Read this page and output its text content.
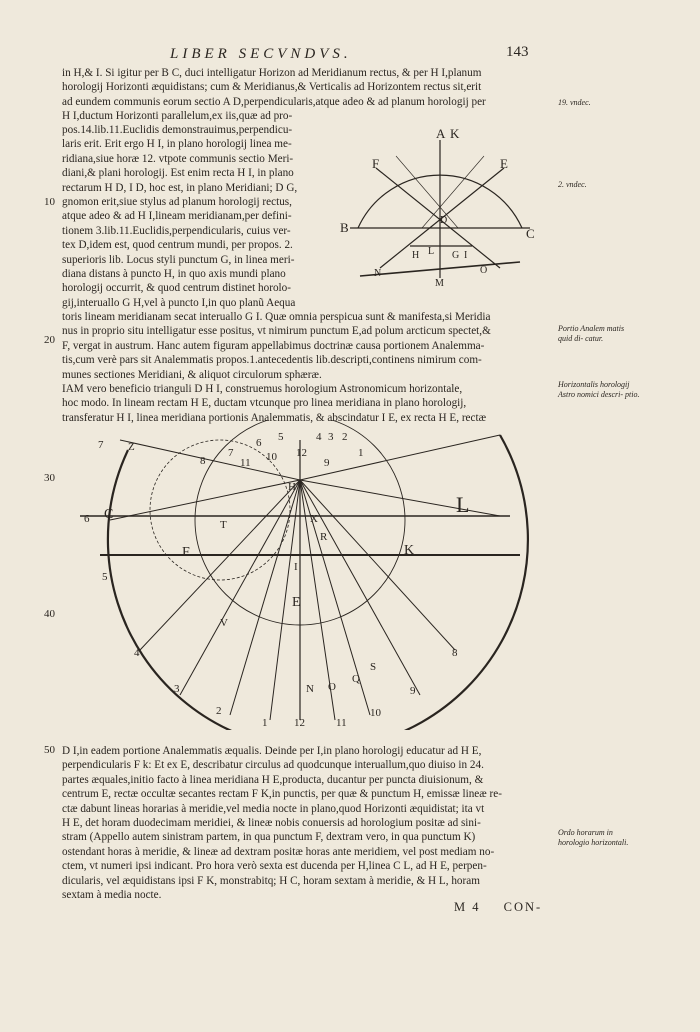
LIBER SECVNDVS.	143

in H,& I. Si igitur per B C, duci intelligatur Horizon ad Meridianum rectus, & per H I,planum

horologij Horizonti æquidistans; cum & Meridianus,& Verticalis ad Horizontem rectus sit,erit

ad eundem communis eorum sectio A D,perpendicularis,atque adeo & ad planum horologij per

H I,ductum Horizonti parallelum,ex iis,quæ ad pro-

pos.14.lib.11.Euclidis demonstrauimus,perpendicu-

laris erit. Erit ergo H I, in plano horologij linea me-

ridiana,siue horæ 12. vtpote communis sectio Meri-

diani,& plani horologij. Est enim recta H I, in plano

rectarum H D, I D, hoc est, in plano Meridiani; D G,

gnomon erit,siue stylus ad planum horologij rectus,

atque adeo & ad H I,lineam meridianam,per defini-

tionem 3.lib.11.Euclidis,perpendicularis, cuius ver-

tex D,idem est, quod centrum mundi, per propos. 2.

superioris lib. Locus styli punctum G, in linea meri-

diana distans à puncto H, in quo axis mundi plano

horologij occurrit, & quod centrum distinet horolo-

gij,interuallo G H,vel à puncto I,in quo planũ Aequa

toris lineam meridianam secat interuallo G I. Quæ omnia perspicua sunt & manifesta,si Meridia

nus in proprio situ intelligatur esse positus, vt nimirum punctum E,ad polum arcticum spectet,&

F, vergat in austrum. Hanc autem figuram appellabimus doctrinæ causa portionem Analemma-

tis,cum verè pars sit Analemmatis propos.1.antecedentis lib.descripti,continens nimirum com-

munes sectiones Meridiani, & aliquot circulorum sphæræ.

IAM vero beneficio trianguli D H I, construemus horologium Astronomicum horizontale,

hoc modo. In lineam rectam H E, ductam vtcunque pro linea meridiana in plano horologij,

transferatur H I, linea meridiana portionis Analemmatis, & abscindatur I E, ex recta H E, rectæ

D I,in eadem portione Analemmatis æqualis. Deinde per I,in plano horologij educatur ad H E,

perpendicularis F k: Et ex E, describatur circulus ad quodcunque interuallum,quo diuiso in 24.

partes æquales,initio facto à linea meridiana H E,producta, ducantur per puncta diuisionum, &

centrum E, rectæ occultæ secantes rectam F K,in punctis, per quæ & punctum H, emissæ lineæ re-

ctæ dabunt lineas horarias à meridie,vel media nocte in plano,quod Horizonti æquidistat; ita vt

H E, det horam duodecimam meridiei, & lineæ nobis conuersis ad horologium positæ ad sini-

stram (Appello autem sinistram partem, in qua punctum F, dextram vero, in qua punctum K)

ostendant horas à meridie, & lineæ ad dextram positæ horas ante meridiem, vel post mediam no-

ctem, vt numeri ipsi indicant. Pro hora verò sexta est ducenda per H,linea C L, ad H E, perpen-

dicularis, vel æquidistans ipsi F K, monstrabitq; H C, horam sextam à meridie, & H L, horam

sextam à media nocte.

19. vndec.
2. vndec.
Portio Analem matis quid di- catur.
Horizontalis horologij Astro nomici descri- ptio.
Ordo horarum in horologio horizontali.
10
20
30
40
50
A K
F	E
B	C
D
H L G I
N
M
O
7
6
5
4
3
2
1 12	11
10
9
8
7
6 5	4 3 2
1
12
11 10	9
8
C	L
F	K
E
H
I
N O
Q
R
S
T
V
X
Z
M 4 CON-
